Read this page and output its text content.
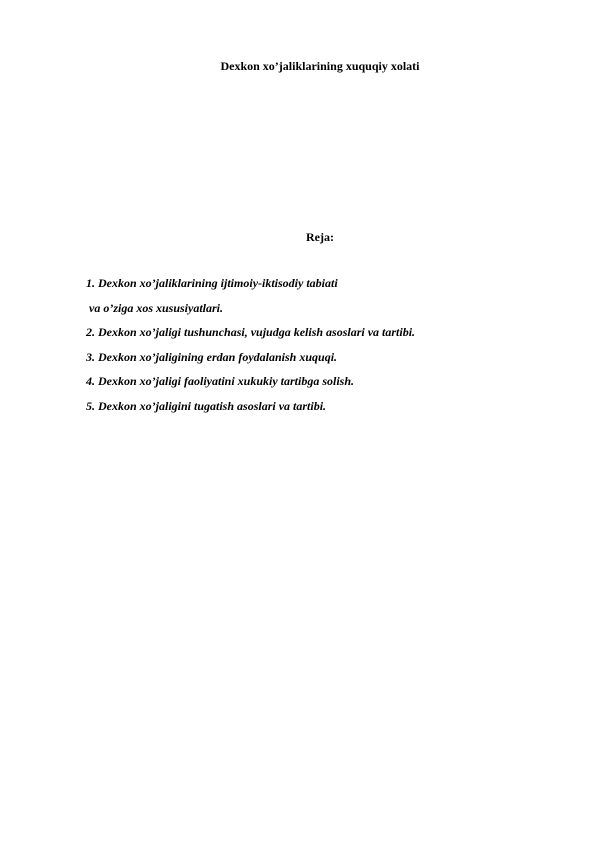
Dexkon xo’jaliklarining xuquqiy xolati
Reja:
1. Dexkon xo’jaliklarining ijtimoiy-iktisodiy tabiati
va o’ziga xos xususiyatlari.
2. Dexkon xo’jaligi tushunchasi, vujudga kelish asoslari va tartibi.
3. Dexkon xo’jaligining erdan foydalanish xuquqi.
4. Dexkon xo’jaligi faoliyatini xukukiy tartibga solish.
5. Dexkon xo’jaligini tugatish asoslari va tartibi.
